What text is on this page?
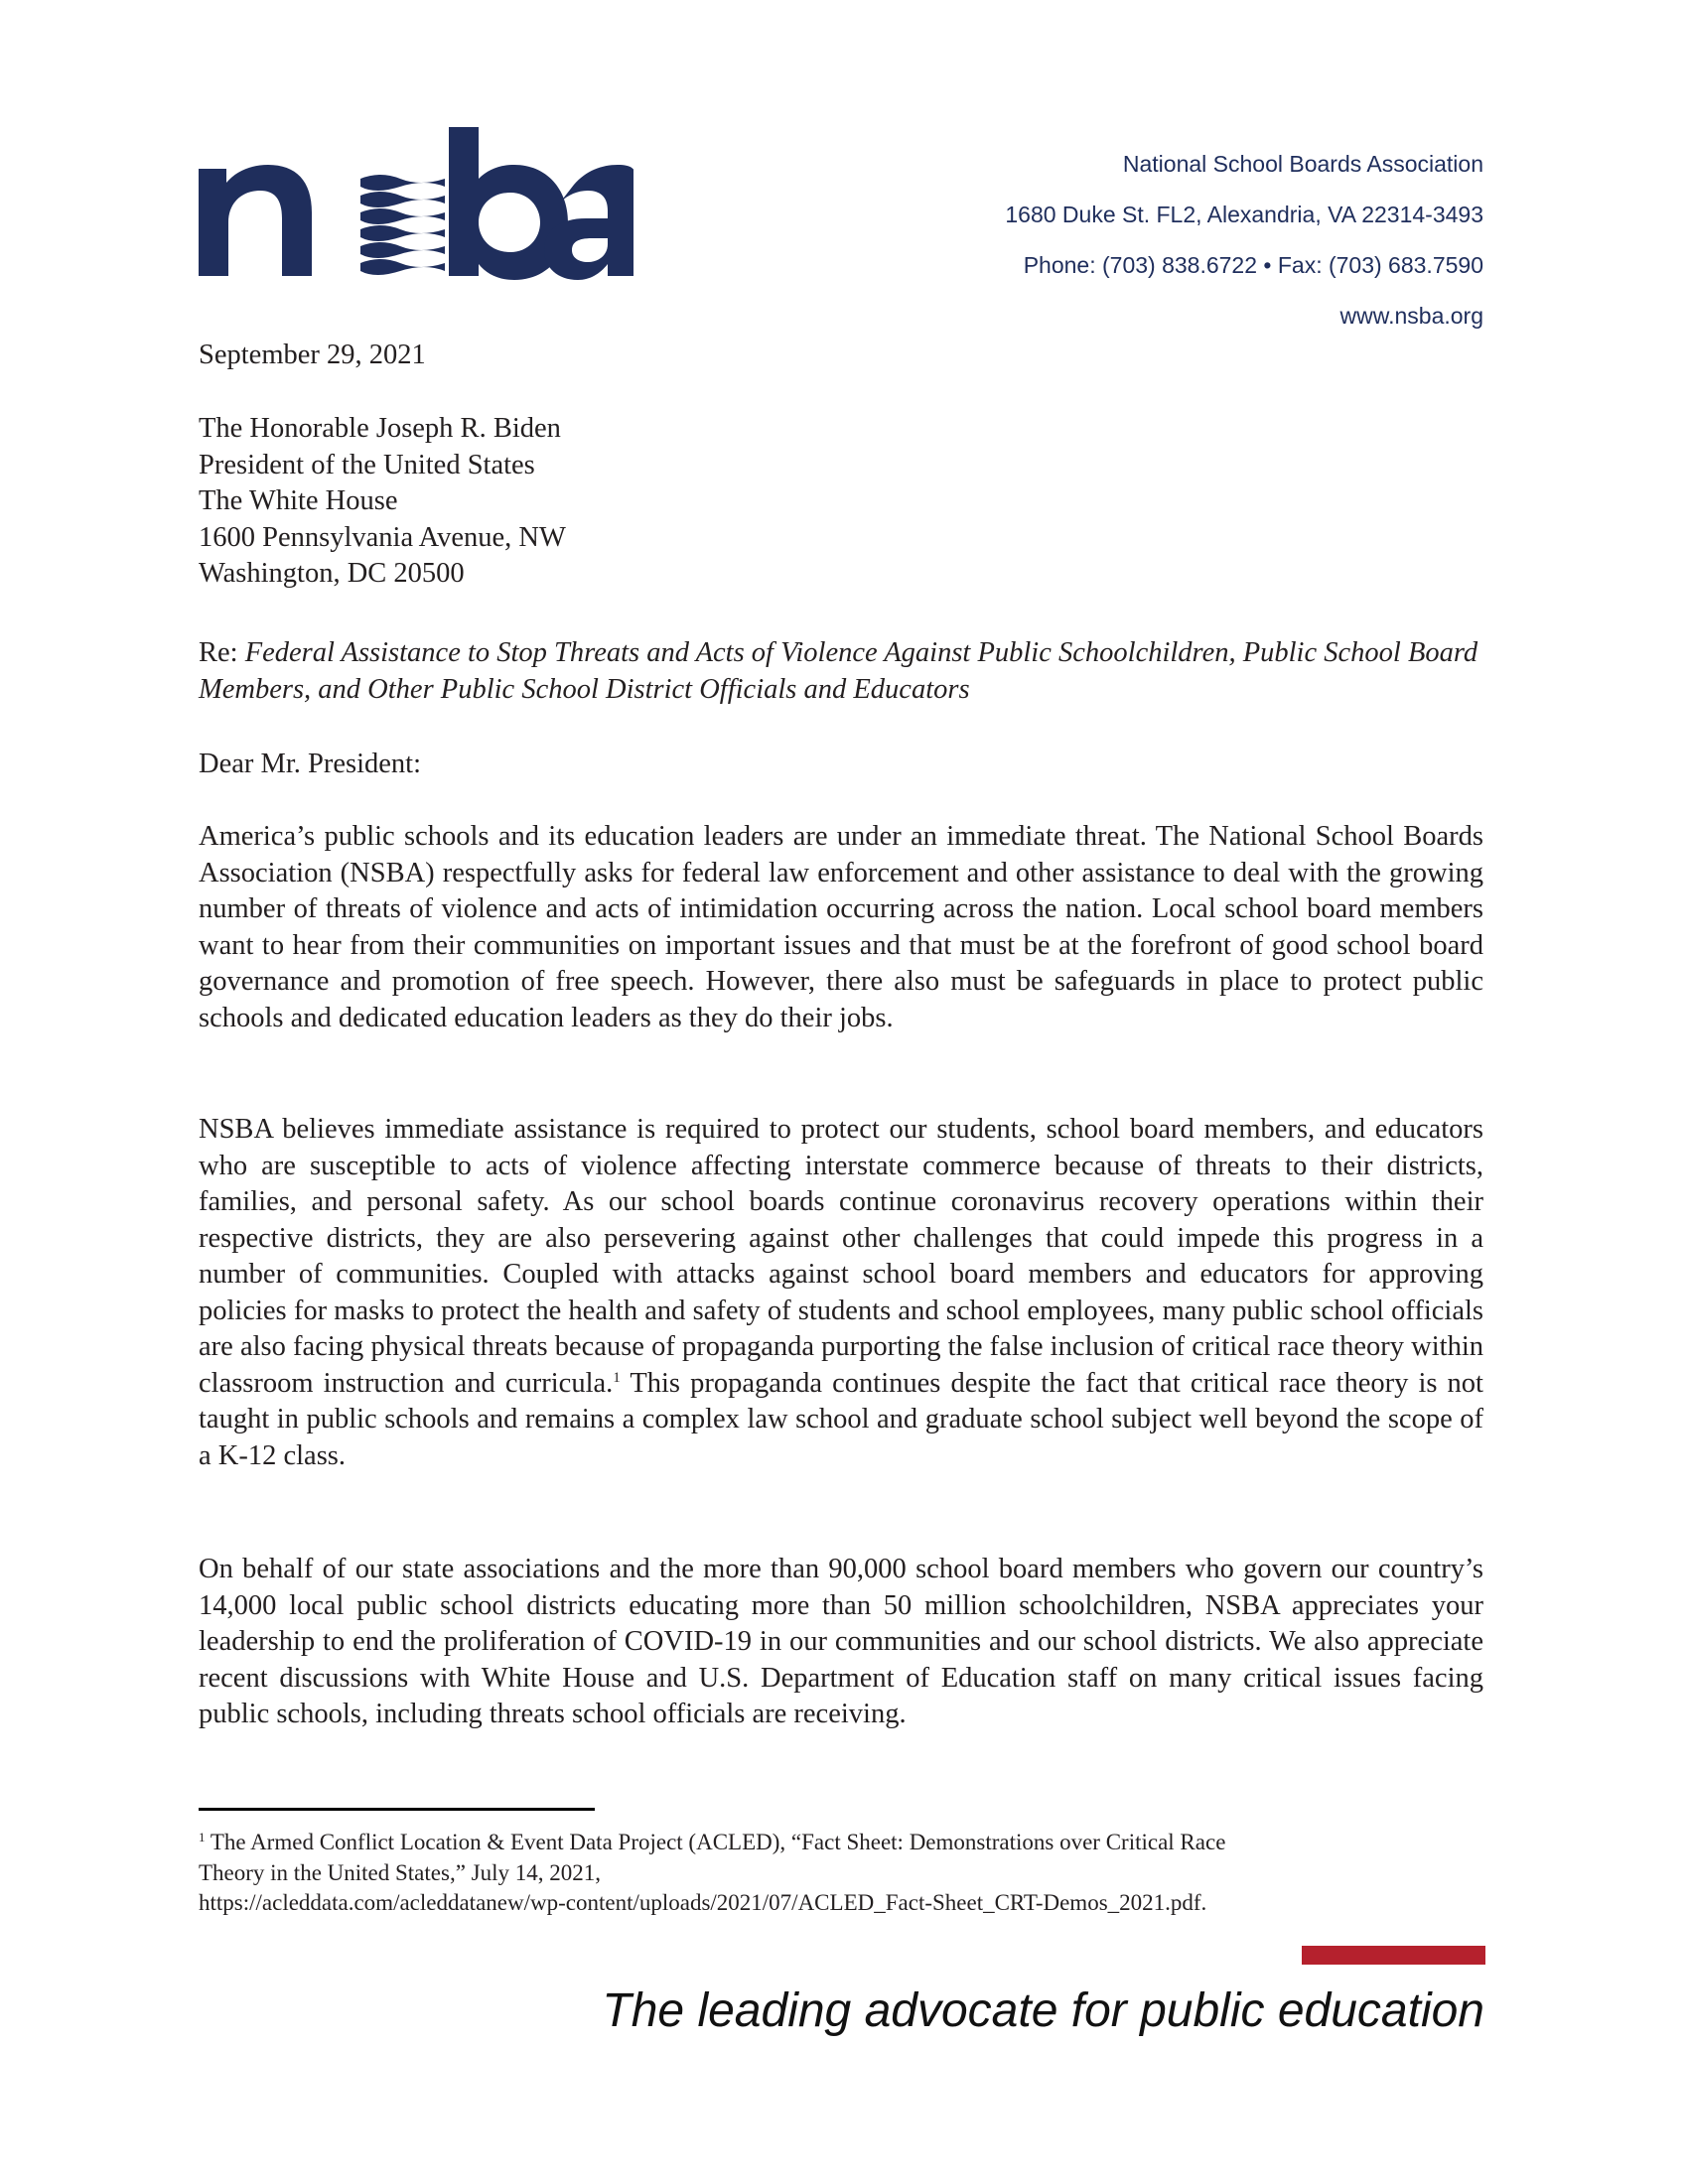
National School Boards Association
1680 Duke St. FL2, Alexandria, VA 22314-3493
Phone: (703) 838.6722 • Fax: (703) 683.7590
www.nsba.org
September 29, 2021
The Honorable Joseph R. Biden
President of the United States
The White House
1600 Pennsylvania Avenue, NW
Washington, DC 20500
Re: Federal Assistance to Stop Threats and Acts of Violence Against Public Schoolchildren, Public School Board Members, and Other Public School District Officials and Educators
Dear Mr. President:
America’s public schools and its education leaders are under an immediate threat. The National School Boards Association (NSBA) respectfully asks for federal law enforcement and other assistance to deal with the growing number of threats of violence and acts of intimidation occurring across the nation. Local school board members want to hear from their communities on important issues and that must be at the forefront of good school board governance and promotion of free speech. However, there also must be safeguards in place to protect public schools and dedicated education leaders as they do their jobs.
NSBA believes immediate assistance is required to protect our students, school board members, and educators who are susceptible to acts of violence affecting interstate commerce because of threats to their districts, families, and personal safety. As our school boards continue coronavirus recovery operations within their respective districts, they are also persevering against other challenges that could impede this progress in a number of communities. Coupled with attacks against school board members and educators for approving policies for masks to protect the health and safety of students and school employees, many public school officials are also facing physical threats because of propaganda purporting the false inclusion of critical race theory within classroom instruction and curricula.$^1$ This propaganda continues despite the fact that critical race theory is not taught in public schools and remains a complex law school and graduate school subject well beyond the scope of a K-12 class.
On behalf of our state associations and the more than 90,000 school board members who govern our country’s 14,000 local public school districts educating more than 50 million schoolchildren, NSBA appreciates your leadership to end the proliferation of COVID-19 in our communities and our school districts. We also appreciate recent discussions with White House and U.S. Department of Education staff on many critical issues facing public schools, including threats school officials are receiving.
$^1$ The Armed Conflict Location & Event Data Project (ACLED), “Fact Sheet: Demonstrations over Critical Race
Theory in the United States,” July 14, 2021,
https://acleddata.com/acleddatanew/wp-content/uploads/2021/07/ACLED_Fact-Sheet_CRT-Demos_2021.pdf.
The leading advocate for public education
